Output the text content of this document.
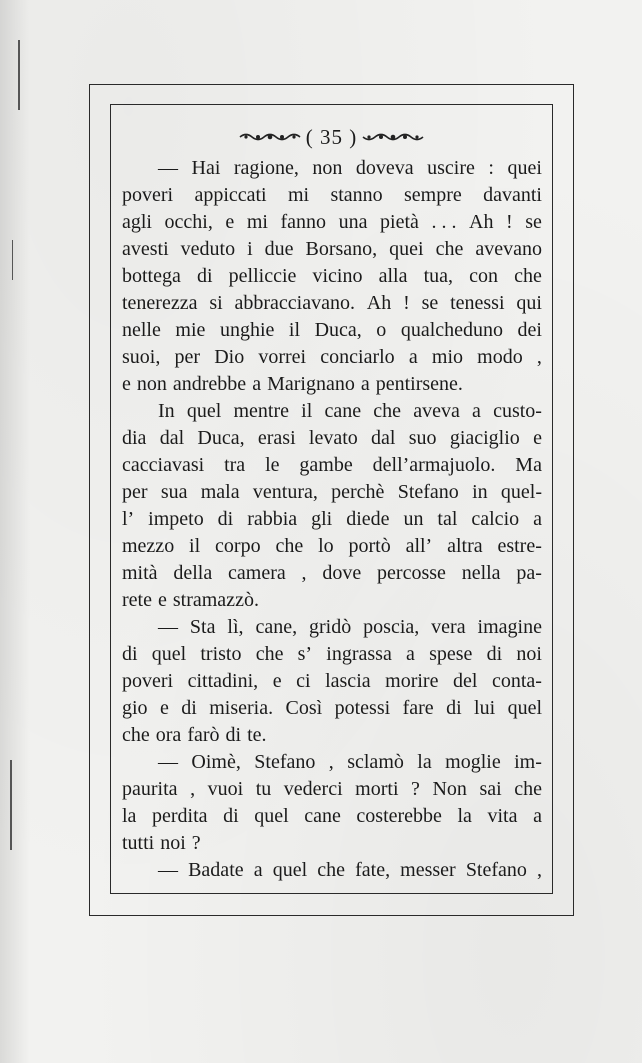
( 35 )
— Hai ragione, non doveva uscire : quei
poveri appiccati mi stanno sempre davanti
agli occhi, e mi fanno una pietà . . . Ah ! se
avesti veduto i due Borsano, quei che avevano
bottega di pelliccie vicino alla tua, con che
tenerezza si abbracciavano. Ah ! se tenessi qui
nelle mie unghie il Duca, o qualcheduno dei
suoi, per Dio vorrei conciarlo a mio modo ,
e non andrebbe a Marignano a pentirsene.
In quel mentre il cane che aveva a custo-
dia dal Duca, erasi levato dal suo giaciglio e
cacciavasi tra le gambe dell’armajuolo. Ma
per sua mala ventura, perchè Stefano in quel-
l’ impeto di rabbia gli diede un tal calcio a
mezzo il corpo che lo portò all’ altra estre-
mità della camera , dove percosse nella pa-
rete e stramazzò.
— Sta lì, cane, gridò poscia, vera imagine
di quel tristo che s’ ingrassa a spese di noi
poveri cittadini, e ci lascia morire del conta-
gio e di miseria. Così potessi fare di lui quel
che ora farò di te.
— Oimè, Stefano , sclamò la moglie im-
paurita , vuoi tu vederci morti ? Non sai che
la perdita di quel cane costerebbe la vita a
tutti noi ?
— Badate a quel che fate, messer Stefano ,
